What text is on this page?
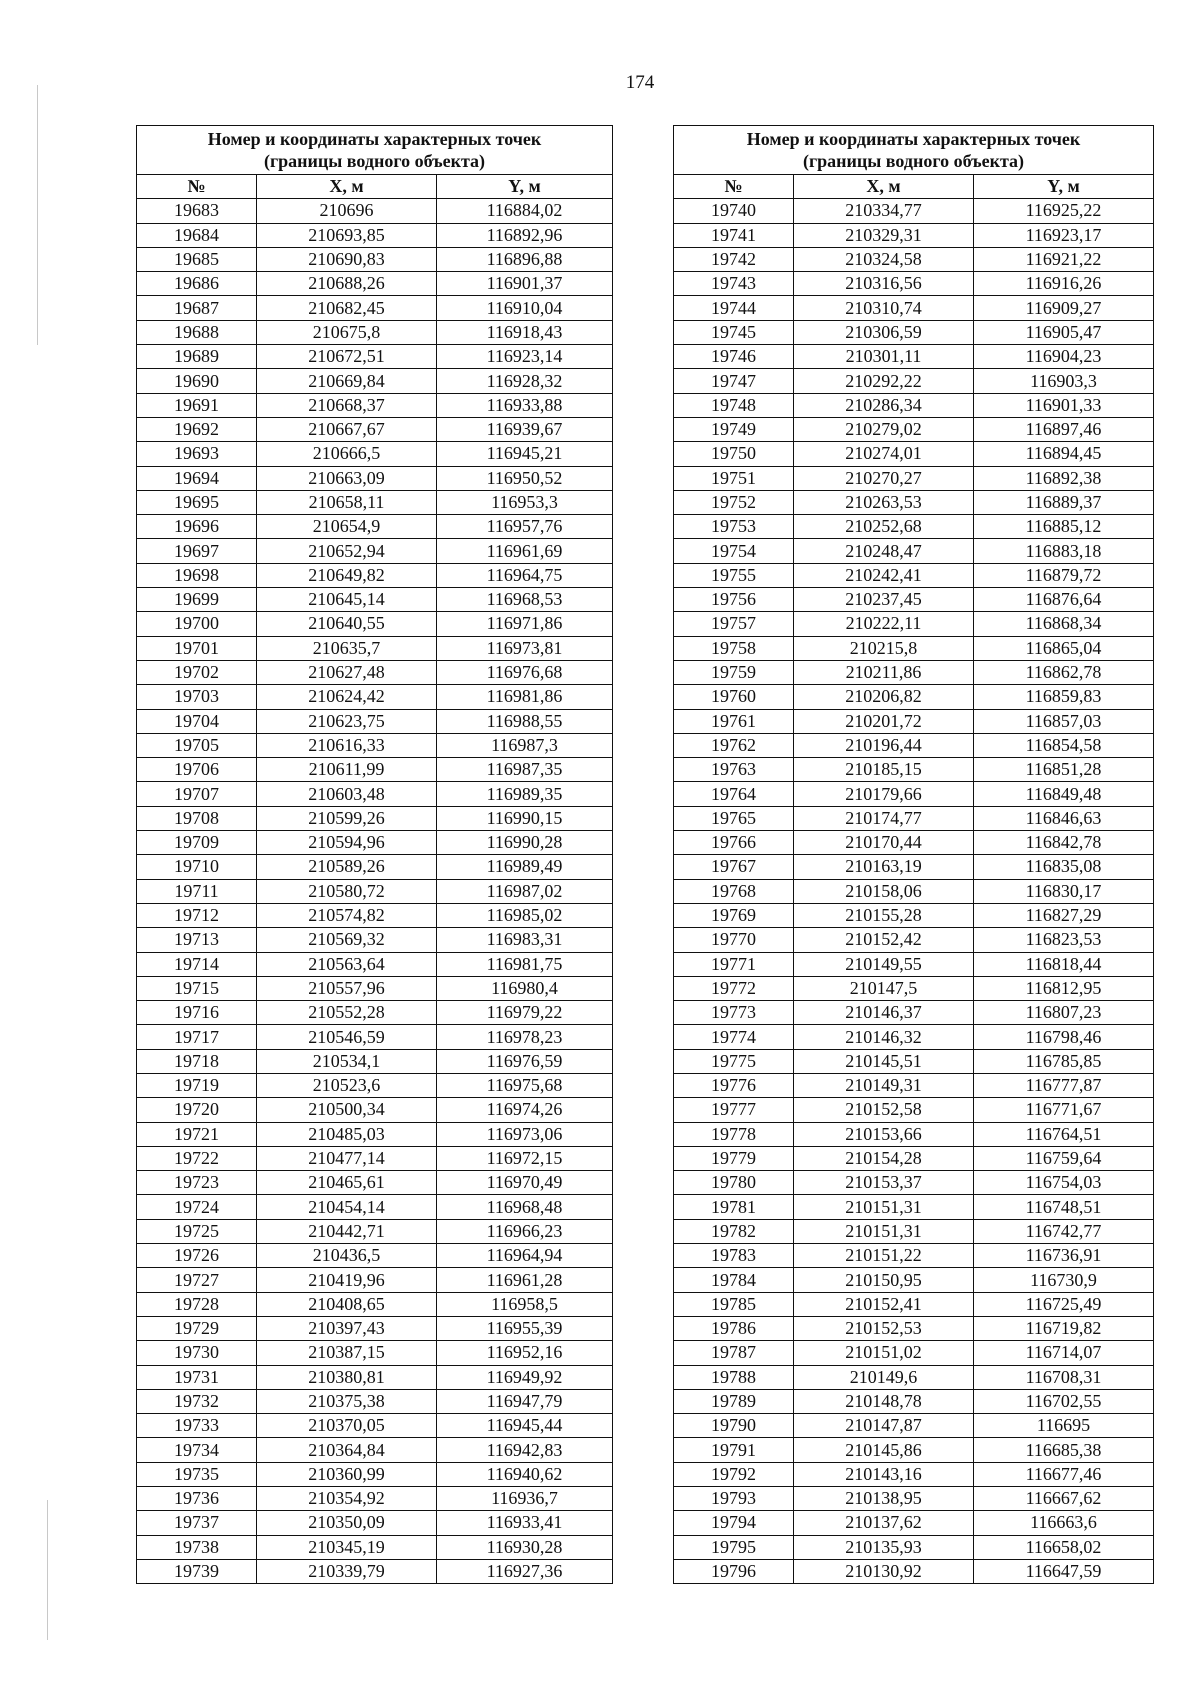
174
Номер и координаты характерных точек
(границы водного объекта)		
№	X, м	Y, м
19683	210696	116884,02
19684	210693,85	116892,96
19685	210690,83	116896,88
19686	210688,26	116901,37
19687	210682,45	116910,04
19688	210675,8	116918,43
19689	210672,51	116923,14
19690	210669,84	116928,32
19691	210668,37	116933,88
19692	210667,67	116939,67
19693	210666,5	116945,21
19694	210663,09	116950,52
19695	210658,11	116953,3
19696	210654,9	116957,76
19697	210652,94	116961,69
19698	210649,82	116964,75
19699	210645,14	116968,53
19700	210640,55	116971,86
19701	210635,7	116973,81
19702	210627,48	116976,68
19703	210624,42	116981,86
19704	210623,75	116988,55
19705	210616,33	116987,3
19706	210611,99	116987,35
19707	210603,48	116989,35
19708	210599,26	116990,15
19709	210594,96	116990,28
19710	210589,26	116989,49
19711	210580,72	116987,02
19712	210574,82	116985,02
19713	210569,32	116983,31
19714	210563,64	116981,75
19715	210557,96	116980,4
19716	210552,28	116979,22
19717	210546,59	116978,23
19718	210534,1	116976,59
19719	210523,6	116975,68
19720	210500,34	116974,26
19721	210485,03	116973,06
19722	210477,14	116972,15
19723	210465,61	116970,49
19724	210454,14	116968,48
19725	210442,71	116966,23
19726	210436,5	116964,94
19727	210419,96	116961,28
19728	210408,65	116958,5
19729	210397,43	116955,39
19730	210387,15	116952,16
19731	210380,81	116949,92
19732	210375,38	116947,79
19733	210370,05	116945,44
19734	210364,84	116942,83
19735	210360,99	116940,62
19736	210354,92	116936,7
19737	210350,09	116933,41
19738	210345,19	116930,28
19739	210339,79	116927,36
Номер и координаты характерных точек
(границы водного объекта)		
№	X, м	Y, м
19740	210334,77	116925,22
19741	210329,31	116923,17
19742	210324,58	116921,22
19743	210316,56	116916,26
19744	210310,74	116909,27
19745	210306,59	116905,47
19746	210301,11	116904,23
19747	210292,22	116903,3
19748	210286,34	116901,33
19749	210279,02	116897,46
19750	210274,01	116894,45
19751	210270,27	116892,38
19752	210263,53	116889,37
19753	210252,68	116885,12
19754	210248,47	116883,18
19755	210242,41	116879,72
19756	210237,45	116876,64
19757	210222,11	116868,34
19758	210215,8	116865,04
19759	210211,86	116862,78
19760	210206,82	116859,83
19761	210201,72	116857,03
19762	210196,44	116854,58
19763	210185,15	116851,28
19764	210179,66	116849,48
19765	210174,77	116846,63
19766	210170,44	116842,78
19767	210163,19	116835,08
19768	210158,06	116830,17
19769	210155,28	116827,29
19770	210152,42	116823,53
19771	210149,55	116818,44
19772	210147,5	116812,95
19773	210146,37	116807,23
19774	210146,32	116798,46
19775	210145,51	116785,85
19776	210149,31	116777,87
19777	210152,58	116771,67
19778	210153,66	116764,51
19779	210154,28	116759,64
19780	210153,37	116754,03
19781	210151,31	116748,51
19782	210151,31	116742,77
19783	210151,22	116736,91
19784	210150,95	116730,9
19785	210152,41	116725,49
19786	210152,53	116719,82
19787	210151,02	116714,07
19788	210149,6	116708,31
19789	210148,78	116702,55
19790	210147,87	116695
19791	210145,86	116685,38
19792	210143,16	116677,46
19793	210138,95	116667,62
19794	210137,62	116663,6
19795	210135,93	116658,02
19796	210130,92	116647,59
